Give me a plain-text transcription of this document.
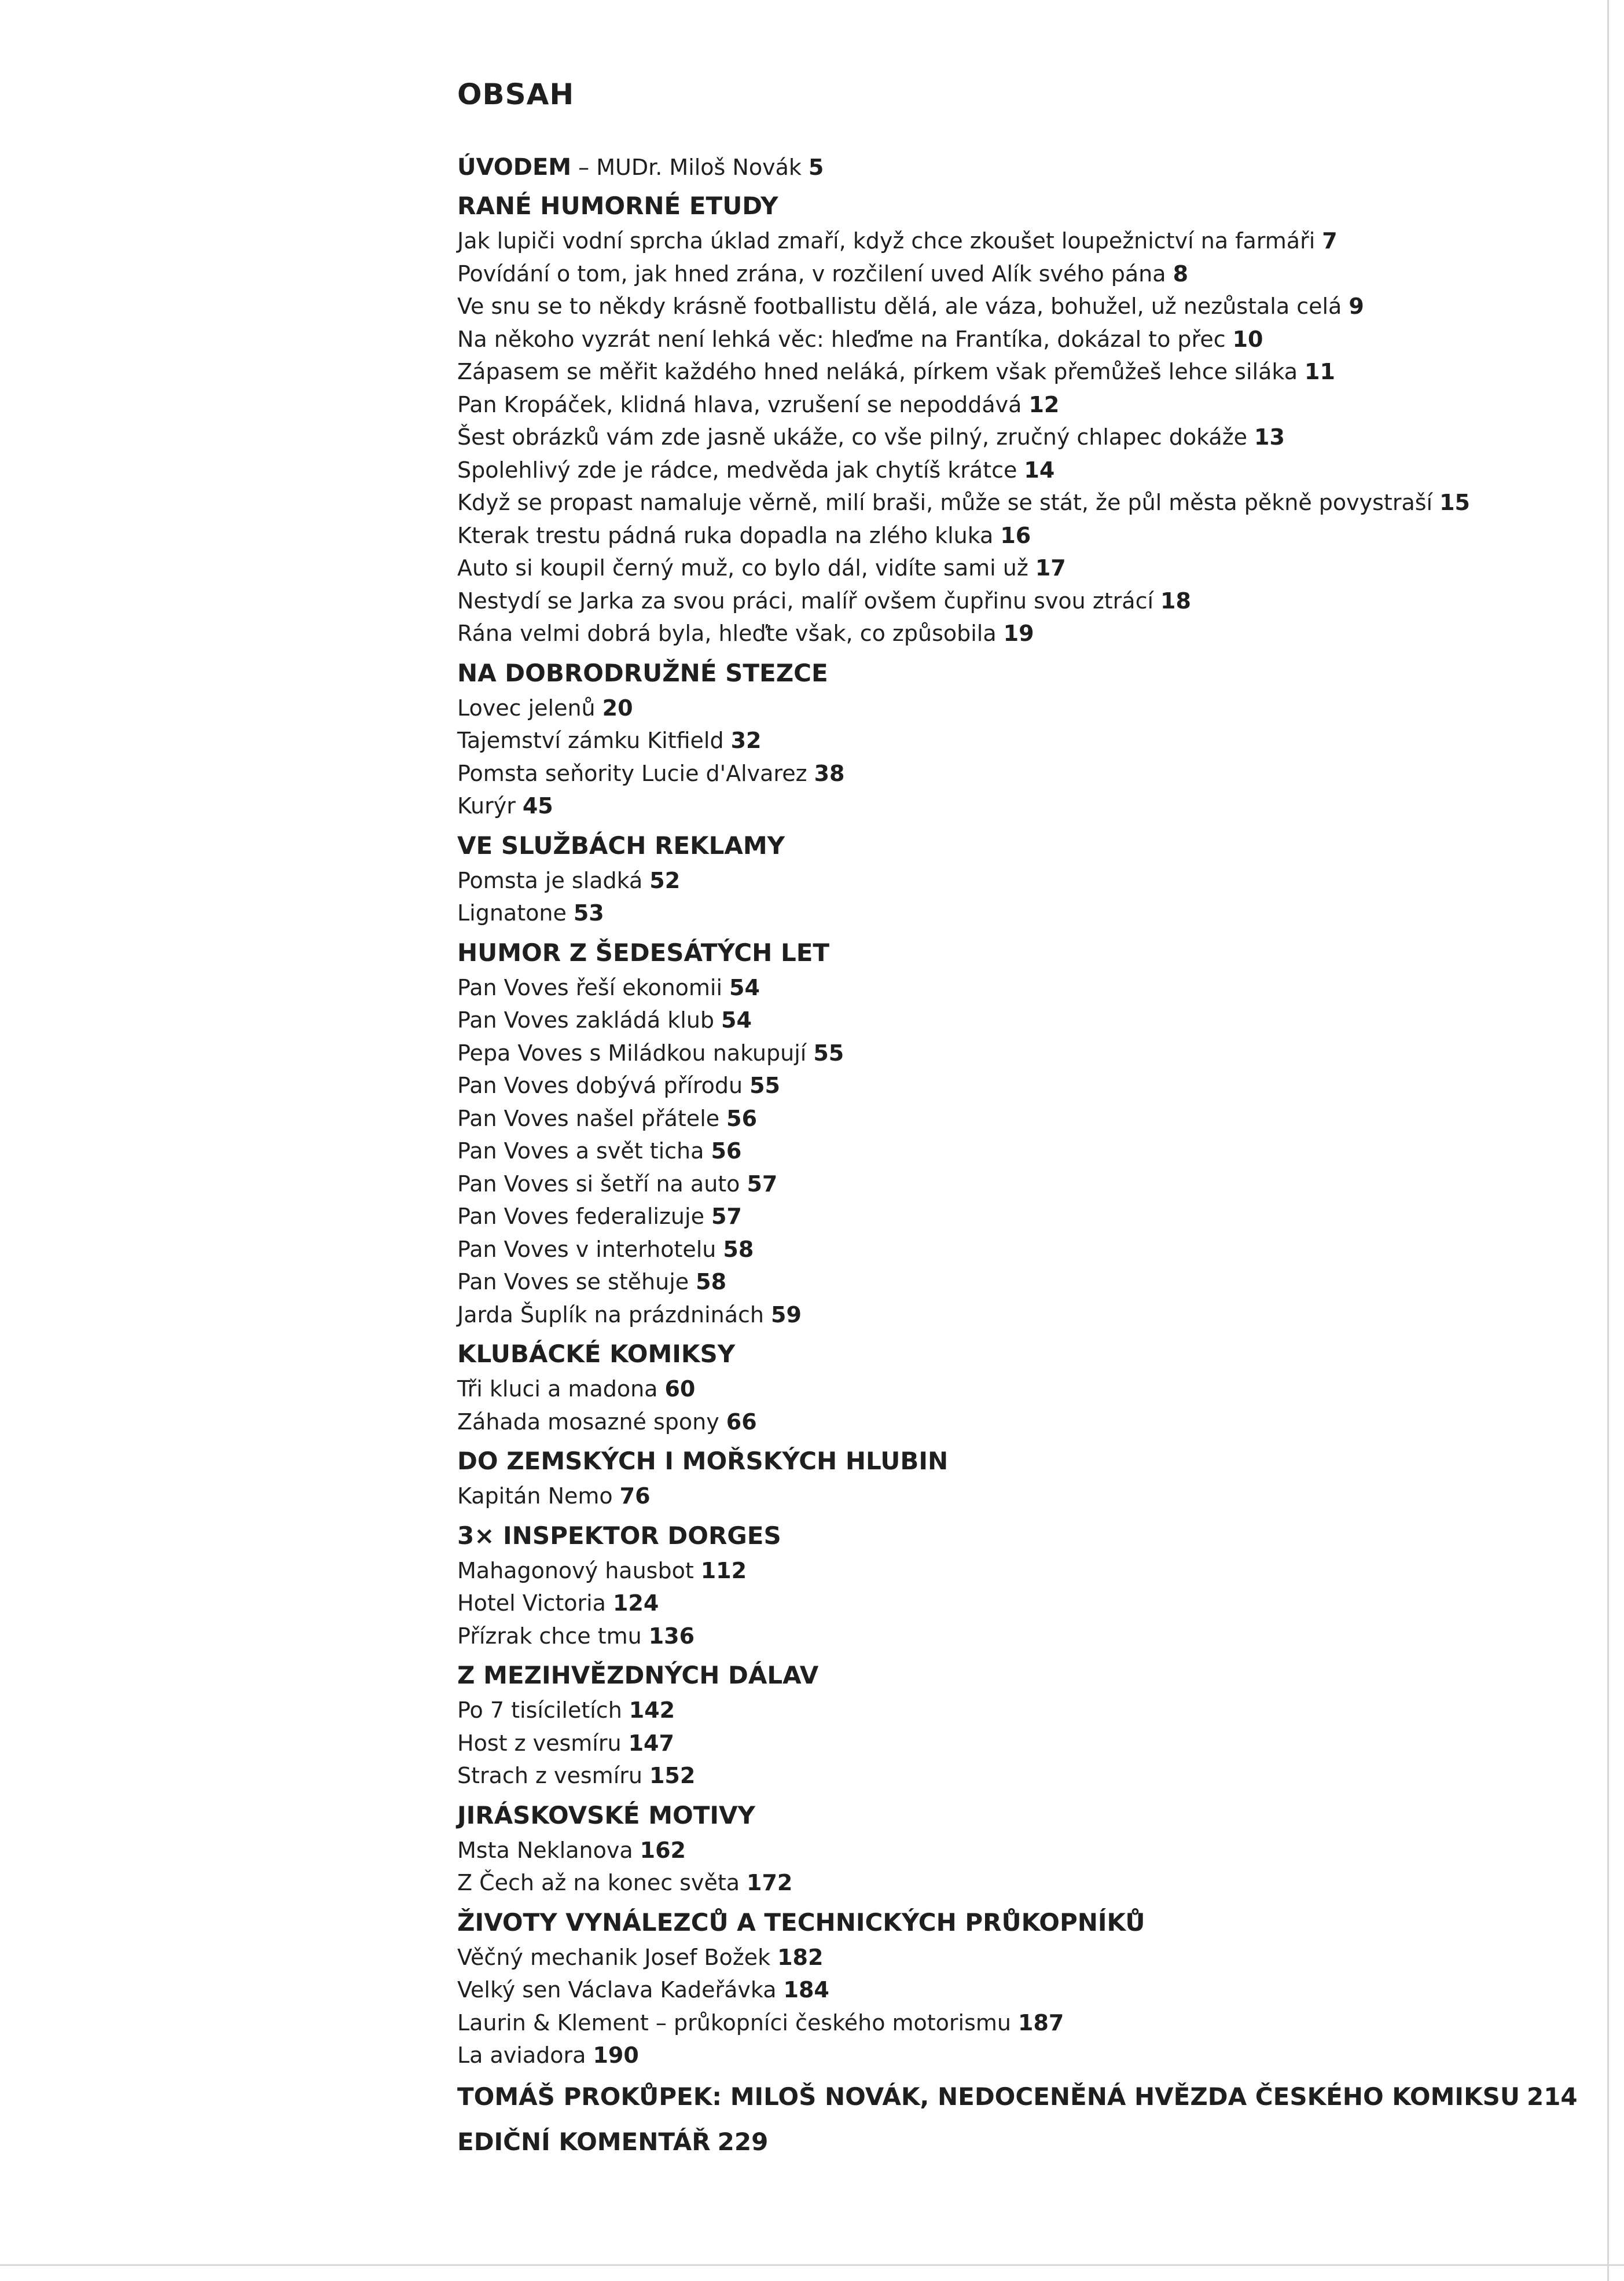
OBSAH
ÚVODEM – MUDr. Miloš Novák 5
RANÉ HUMORNÉ ETUDY
Jak lupiči vodní sprcha úklad zmaří, když chce zkoušet loupežnictví na farmáři 7
Povídání o tom, jak hned zrána, v rozčilení uved Alík svého pána 8
Ve snu se to někdy krásně footballistu dělá, ale váza, bohužel, už nezůstala celá 9
Na někoho vyzrát není lehká věc: hleďme na Frantíka, dokázal to přec 10
Zápasem se měřit každého hned neláká, pírkem však přemůžeš lehce siláka 11
Pan Kropáček, klidná hlava, vzrušení se nepoddává 12
Šest obrázků vám zde jasně ukáže, co vše pilný, zručný chlapec dokáže 13
Spolehlivý zde je rádce, medvěda jak chytíš krátce 14
Když se propast namaluje věrně, milí braši, může se stát, že půl města pěkně povystraší 15
Kterak trestu pádná ruka dopadla na zlého kluka 16
Auto si koupil černý muž, co bylo dál, vidíte sami už 17
Nestydí se Jarka za svou práci, malíř ovšem čupřinu svou ztrácí 18
Rána velmi dobrá byla, hleďte však, co způsobila 19
NA DOBRODRUŽNÉ STEZCE
Lovec jelenů 20
Tajemství zámku Kitfield 32
Pomsta seňority Lucie d'Alvarez 38
Kurýr 45
VE SLUŽBÁCH REKLAMY
Pomsta je sladká 52
Lignatone 53
HUMOR Z ŠEDESÁTÝCH LET
Pan Voves řeší ekonomii 54
Pan Voves zakládá klub 54
Pepa Voves s Miládkou nakupují 55
Pan Voves dobývá přírodu 55
Pan Voves našel přátele 56
Pan Voves a svět ticha 56
Pan Voves si šetří na auto 57
Pan Voves federalizuje 57
Pan Voves v interhotelu 58
Pan Voves se stěhuje 58
Jarda Šuplík na prázdninách 59
KLUBÁCKÉ KOMIKSY
Tři kluci a madona 60
Záhada mosazné spony 66
DO ZEMSKÝCH I MOŘSKÝCH HLUBIN
Kapitán Nemo 76
3× INSPEKTOR DORGES
Mahagonový hausbot 112
Hotel Victoria 124
Přízrak chce tmu 136
Z MEZIHVĚZDNÝCH DÁLAV
Po 7 tisíciletích 142
Host z vesmíru 147
Strach z vesmíru 152
JIRÁSKOVSKÉ MOTIVY
Msta Neklanova 162
Z Čech až na konec světa 172
ŽIVOTY VYNÁLEZCŮ A TECHNICKÝCH PRŮKOPNÍKŮ
Věčný mechanik Josef Božek 182
Velký sen Václava Kadeřávka 184
Laurin & Klement – průkopníci českého motorismu 187
La aviadora 190
TOMÁŠ PROKŮPEK: MILOŠ NOVÁK, NEDOCENĚNÁ HVĚZDA ČESKÉHO KOMIKSU 214
EDIČNÍ KOMENTÁŘ 229
